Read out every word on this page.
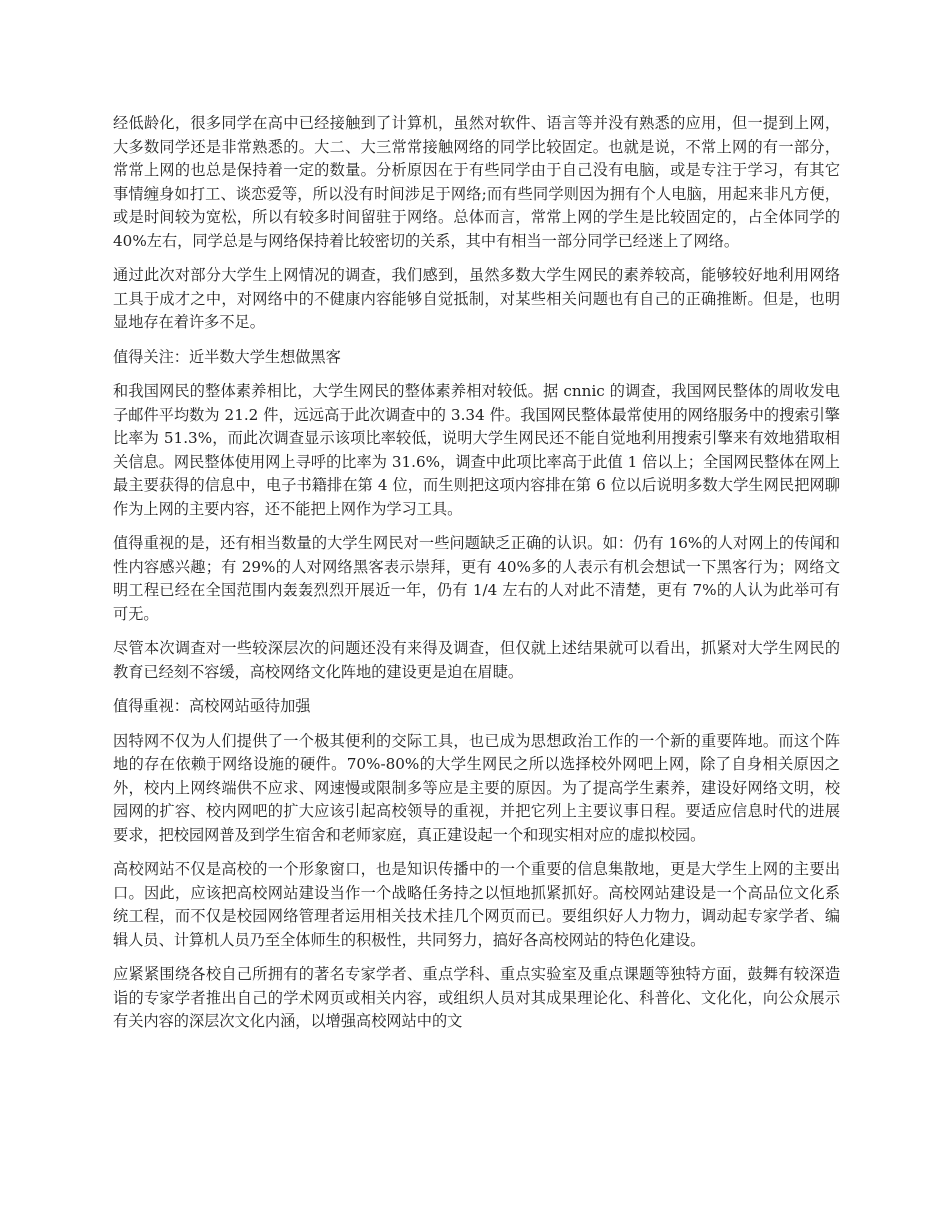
经低龄化，很多同学在高中已经接触到了计算机，虽然对软件、语言等并没有熟悉的应用，但一提到上网，大多数同学还是非常熟悉的。大二、大三常常接触网络的同学比较固定。也就是说，不常上网的有一部分，常常上网的也总是保持着一定的数量。分析原因在于有些同学由于自己没有电脑，或是专注于学习，有其它事情缠身如打工、谈恋爱等，所以没有时间涉足于网络;而有些同学则因为拥有个人电脑，用起来非凡方便，或是时间较为宽松，所以有较多时间留驻于网络。总体而言，常常上网的学生是比较固定的，占全体同学的 40%左右，同学总是与网络保持着比较密切的关系，其中有相当一部分同学已经迷上了网络。

通过此次对部分大学生上网情况的调查，我们感到，虽然多数大学生网民的素养较高，能够较好地利用网络工具于成才之中，对网络中的不健康内容能够自觉抵制，对某些相关问题也有自己的正确推断。但是，也明显地存在着许多不足。

值得关注：近半数大学生想做黑客

和我国网民的整体素养相比，大学生网民的整体素养相对较低。据 cnnic 的调查，我国网民整体的周收发电子邮件平均数为 21.2 件，远远高于此次调查中的 3.34 件。我国网民整体最常使用的网络服务中的搜索引擎比率为 51.3%，而此次调查显示该项比率较低，说明大学生网民还不能自觉地利用搜索引擎来有效地猎取相关信息。网民整体使用网上寻呼的比率为 31.6%，调查中此项比率高于此值 1 倍以上；全国网民整体在网上最主要获得的信息中，电子书籍排在第 4 位，而生则把这项内容排在第 6 位以后说明多数大学生网民把网聊作为上网的主要内容，还不能把上网作为学习工具。

值得重视的是，还有相当数量的大学生网民对一些问题缺乏正确的认识。如：仍有 16%的人对网上的传闻和性内容感兴趣；有 29%的人对网络黑客表示崇拜，更有 40%多的人表示有机会想试一下黑客行为；网络文明工程已经在全国范围内轰轰烈烈开展近一年，仍有 1/4 左右的人对此不清楚，更有 7%的人认为此举可有可无。

尽管本次调查对一些较深层次的问题还没有来得及调查，但仅就上述结果就可以看出，抓紧对大学生网民的教育已经刻不容缓，高校网络文化阵地的建设更是迫在眉睫。

值得重视：高校网站亟待加强

因特网不仅为人们提供了一个极其便利的交际工具，也已成为思想政治工作的一个新的重要阵地。而这个阵地的存在依赖于网络设施的硬件。70%-80%的大学生网民之所以选择校外网吧上网，除了自身相关原因之外，校内上网终端供不应求、网速慢或限制多等应是主要的原因。为了提高学生素养，建设好网络文明，校园网的扩容、校内网吧的扩大应该引起高校领导的重视，并把它列上主要议事日程。要适应信息时代的进展要求，把校园网普及到学生宿舍和老师家庭，真正建设起一个和现实相对应的虚拟校园。

高校网站不仅是高校的一个形象窗口，也是知识传播中的一个重要的信息集散地，更是大学生上网的主要出口。因此，应该把高校网站建设当作一个战略任务持之以恒地抓紧抓好。高校网站建设是一个高品位文化系统工程，而不仅是校园网络管理者运用相关技术挂几个网页而已。要组织好人力物力，调动起专家学者、编辑人员、计算机人员乃至全体师生的积极性，共同努力，搞好各高校网站的特色化建设。

应紧紧围绕各校自己所拥有的著名专家学者、重点学科、重点实验室及重点课题等独特方面，鼓舞有较深造诣的专家学者推出自己的学术网页或相关内容，或组织人员对其成果理论化、科普化、文化化，向公众展示有关内容的深层次文化内涵，以增强高校网站中的文
